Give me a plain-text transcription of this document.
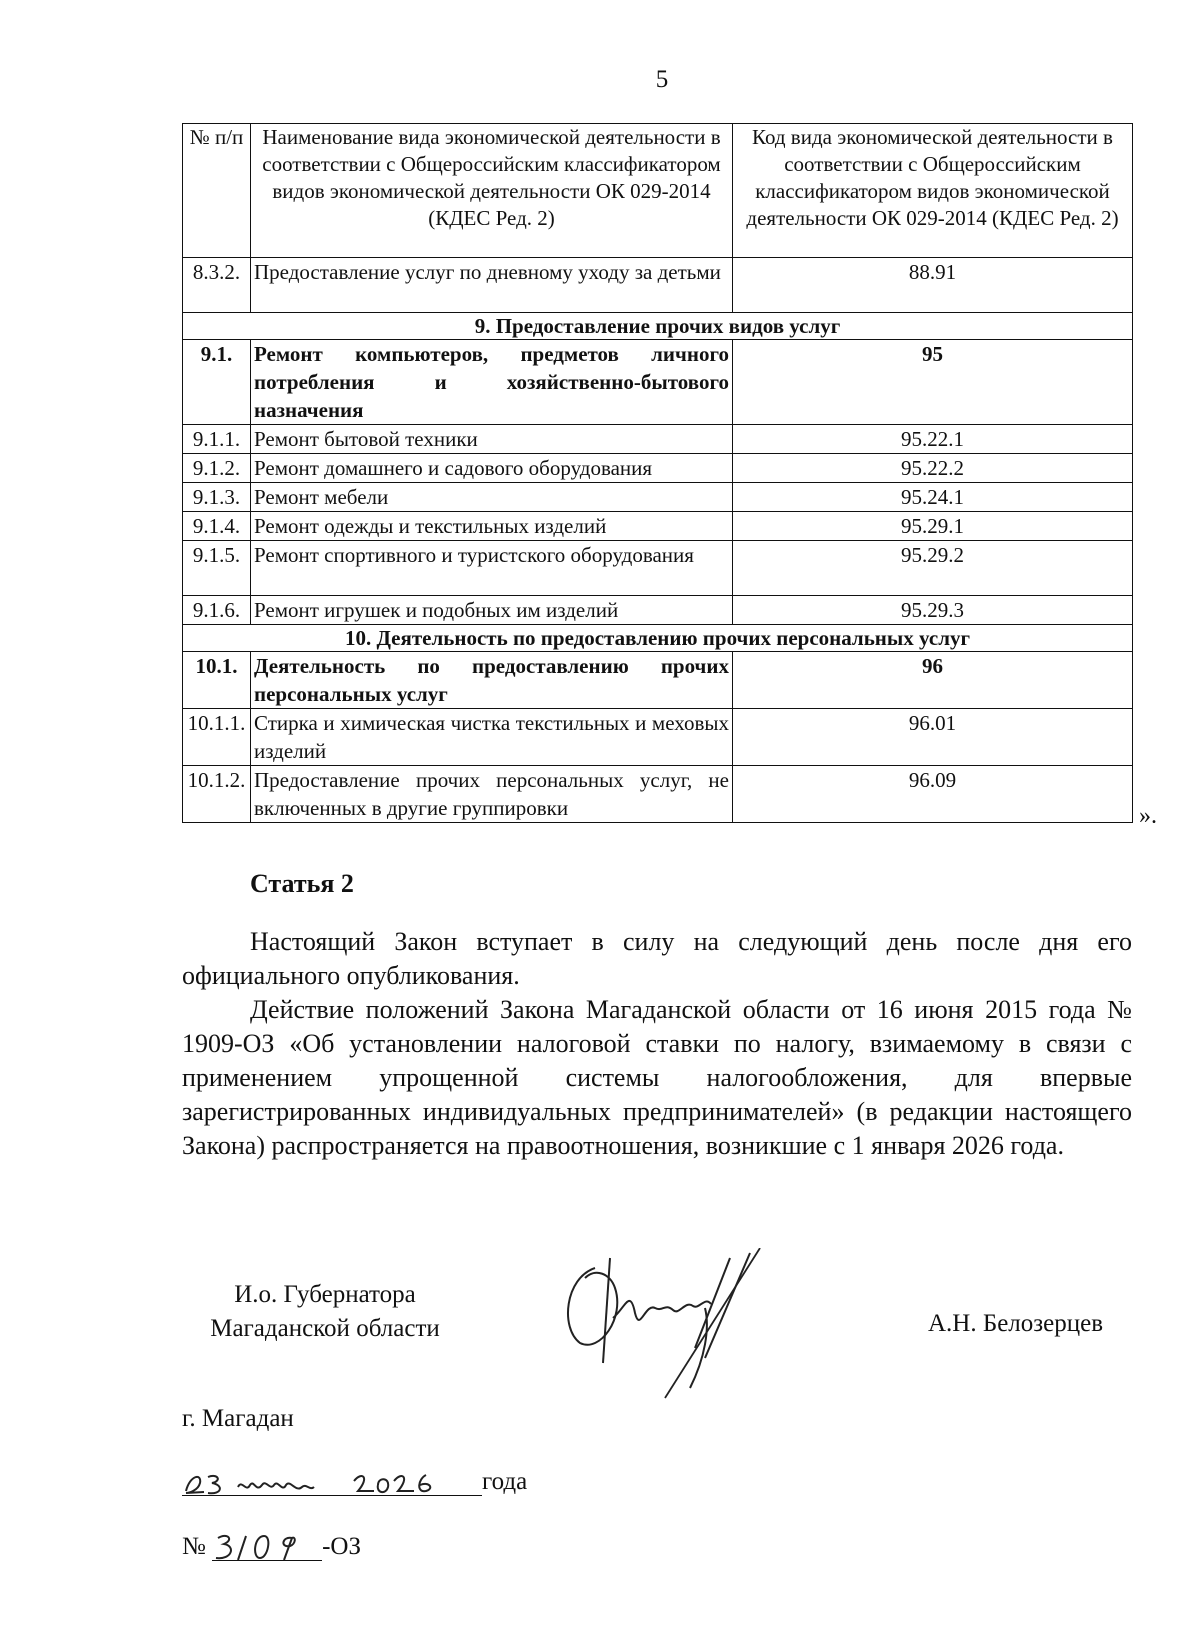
5
№ п/п	Наименование вида экономической деятельности в соответствии с Общероссийским классификатором видов экономической деятельности ОК 029-2014 (КДЕС Ред. 2)	Код вида экономической деятельности в соответствии с Общероссийским классификатором видов экономической деятельности ОК 029-2014 (КДЕС Ред. 2)
8.3.2.	Предоставление услуг по дневному уходу за детьми	88.91
9. Предоставление прочих видов услуг		
9.1.	Ремонт компьютеров, предметов личного потребления и хозяйственно-бытового назначения	95
9.1.1.	Ремонт бытовой техники	95.22.1
9.1.2.	Ремонт домашнего и садового оборудования	95.22.2
9.1.3.	Ремонт мебели	95.24.1
9.1.4.	Ремонт одежды и текстильных изделий	95.29.1
9.1.5.	Ремонт спортивного и туристского оборудования	95.29.2
9.1.6.	Ремонт игрушек и подобных им изделий	95.29.3
10. Деятельность по предоставлению прочих персональных услуг		
10.1.	Деятельность по предоставлению прочих персональных услуг	96
10.1.1.	Стирка и химическая чистка текстильных и меховых изделий	96.01
10.1.2.	Предоставление прочих персональных услуг, не включенных в другие группировки	96.09
».
Статья 2
Настоящий Закон вступает в силу на следующий день после дня его официального опубликования.
Действие положений Закона Магаданской области от 16 июня 2015 года № 1909-ОЗ «Об установлении налоговой ставки по налогу, взимаемому в связи с применением упрощенной системы налогообложения, для впервые зарегистрированных индивидуальных предпринимателей» (в редакции настоящего Закона) распространяется на правоотношения, возникшие с 1 января 2026 года.
И.о. Губернатора
Магаданской области	А.Н. Белозерцев
г. Магадан
года
№	-ОЗ
